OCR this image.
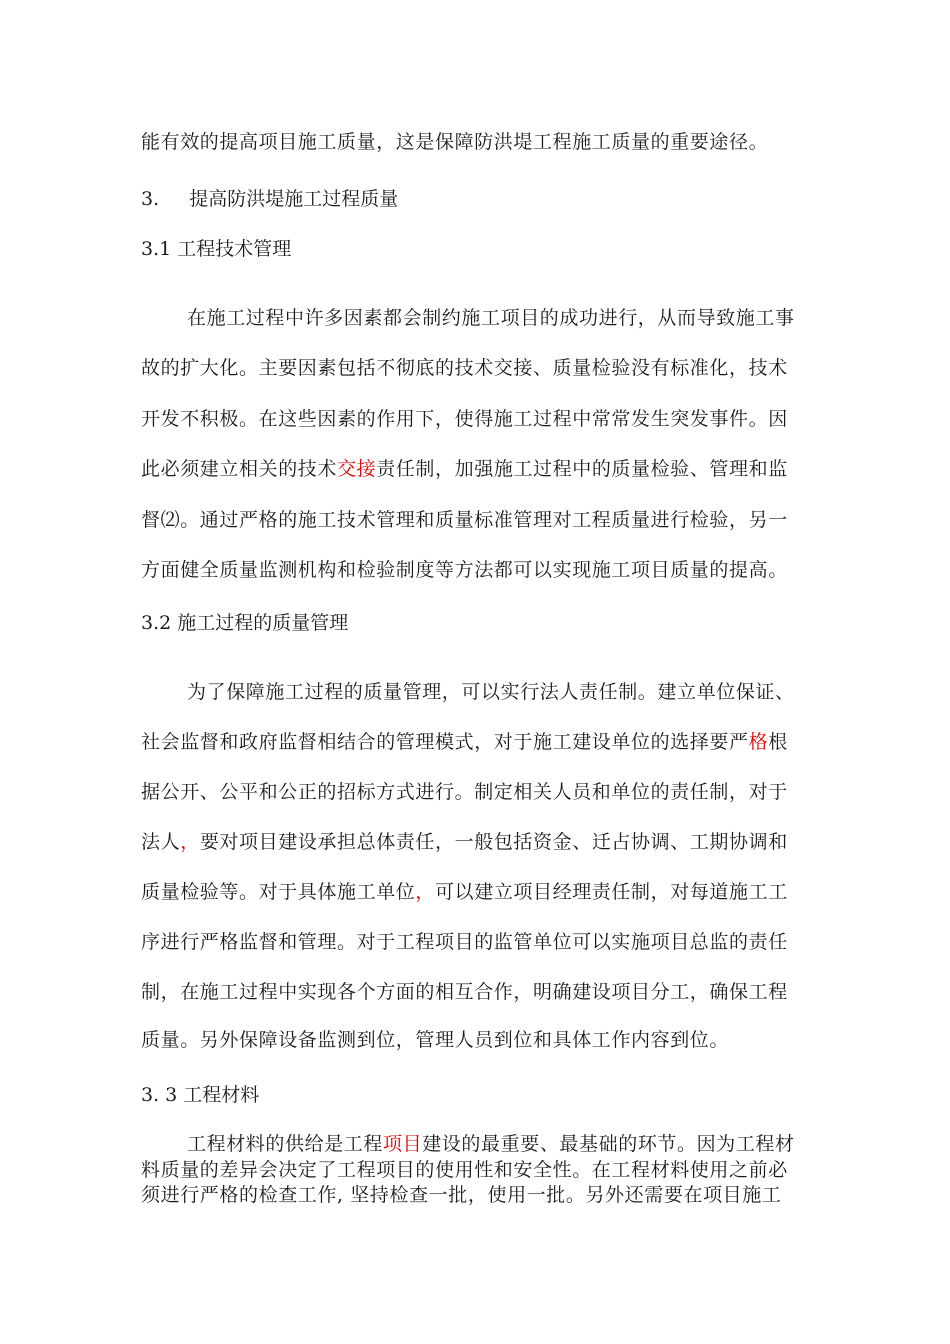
能有效的提高项目施工质量，这是保障防洪堤工程施工质量的重要途径。
3. 提高防洪堤施工过程质量
3.1 工程技术管理
在施工过程中许多因素都会制约施工项目的成功进行，从而导致施工事
故的扩大化。主要因素包括不彻底的技术交接、质量检验没有标准化，技术
开发不积极。在这些因素的作用下，使得施工过程中常常发生突发事件。因
此必须建立相关的技术交接责任制，加强施工过程中的质量检验、管理和监
督⑵。通过严格的施工技术管理和质量标准管理对工程质量进行检验，另一
方面健全质量监测机构和检验制度等方法都可以实现施工项目质量的提高。
3.2 施工过程的质量管理
为了保障施工过程的质量管理，可以实行法人责任制。建立单位保证、
社会监督和政府监督相结合的管理模式，对于施工建设单位的选择要严格根
据公开、公平和公正的招标方式进行。制定相关人员和单位的责任制，对于
法人，要对项目建设承担总体责任，一般包括资金、迁占协调、工期协调和
质量检验等。对于具体施工单位，可以建立项目经理责任制，对每道施工工
序进行严格监督和管理。对于工程项目的监管单位可以实施项目总监的责任
制，在施工过程中实现各个方面的相互合作，明确建设项目分工，确保工程
质量。另外保障设备监测到位，管理人员到位和具体工作内容到位。
3. 3 工程材料
工程材料的供给是工程项目建设的最重要、最基础的环节。因为工程材
料质量的差异会决定了工程项目的使用性和安全性。在工程材料使用之前必
须进行严格的检查工作, 坚持检查一批，使用一批。另外还需要在项目施工
